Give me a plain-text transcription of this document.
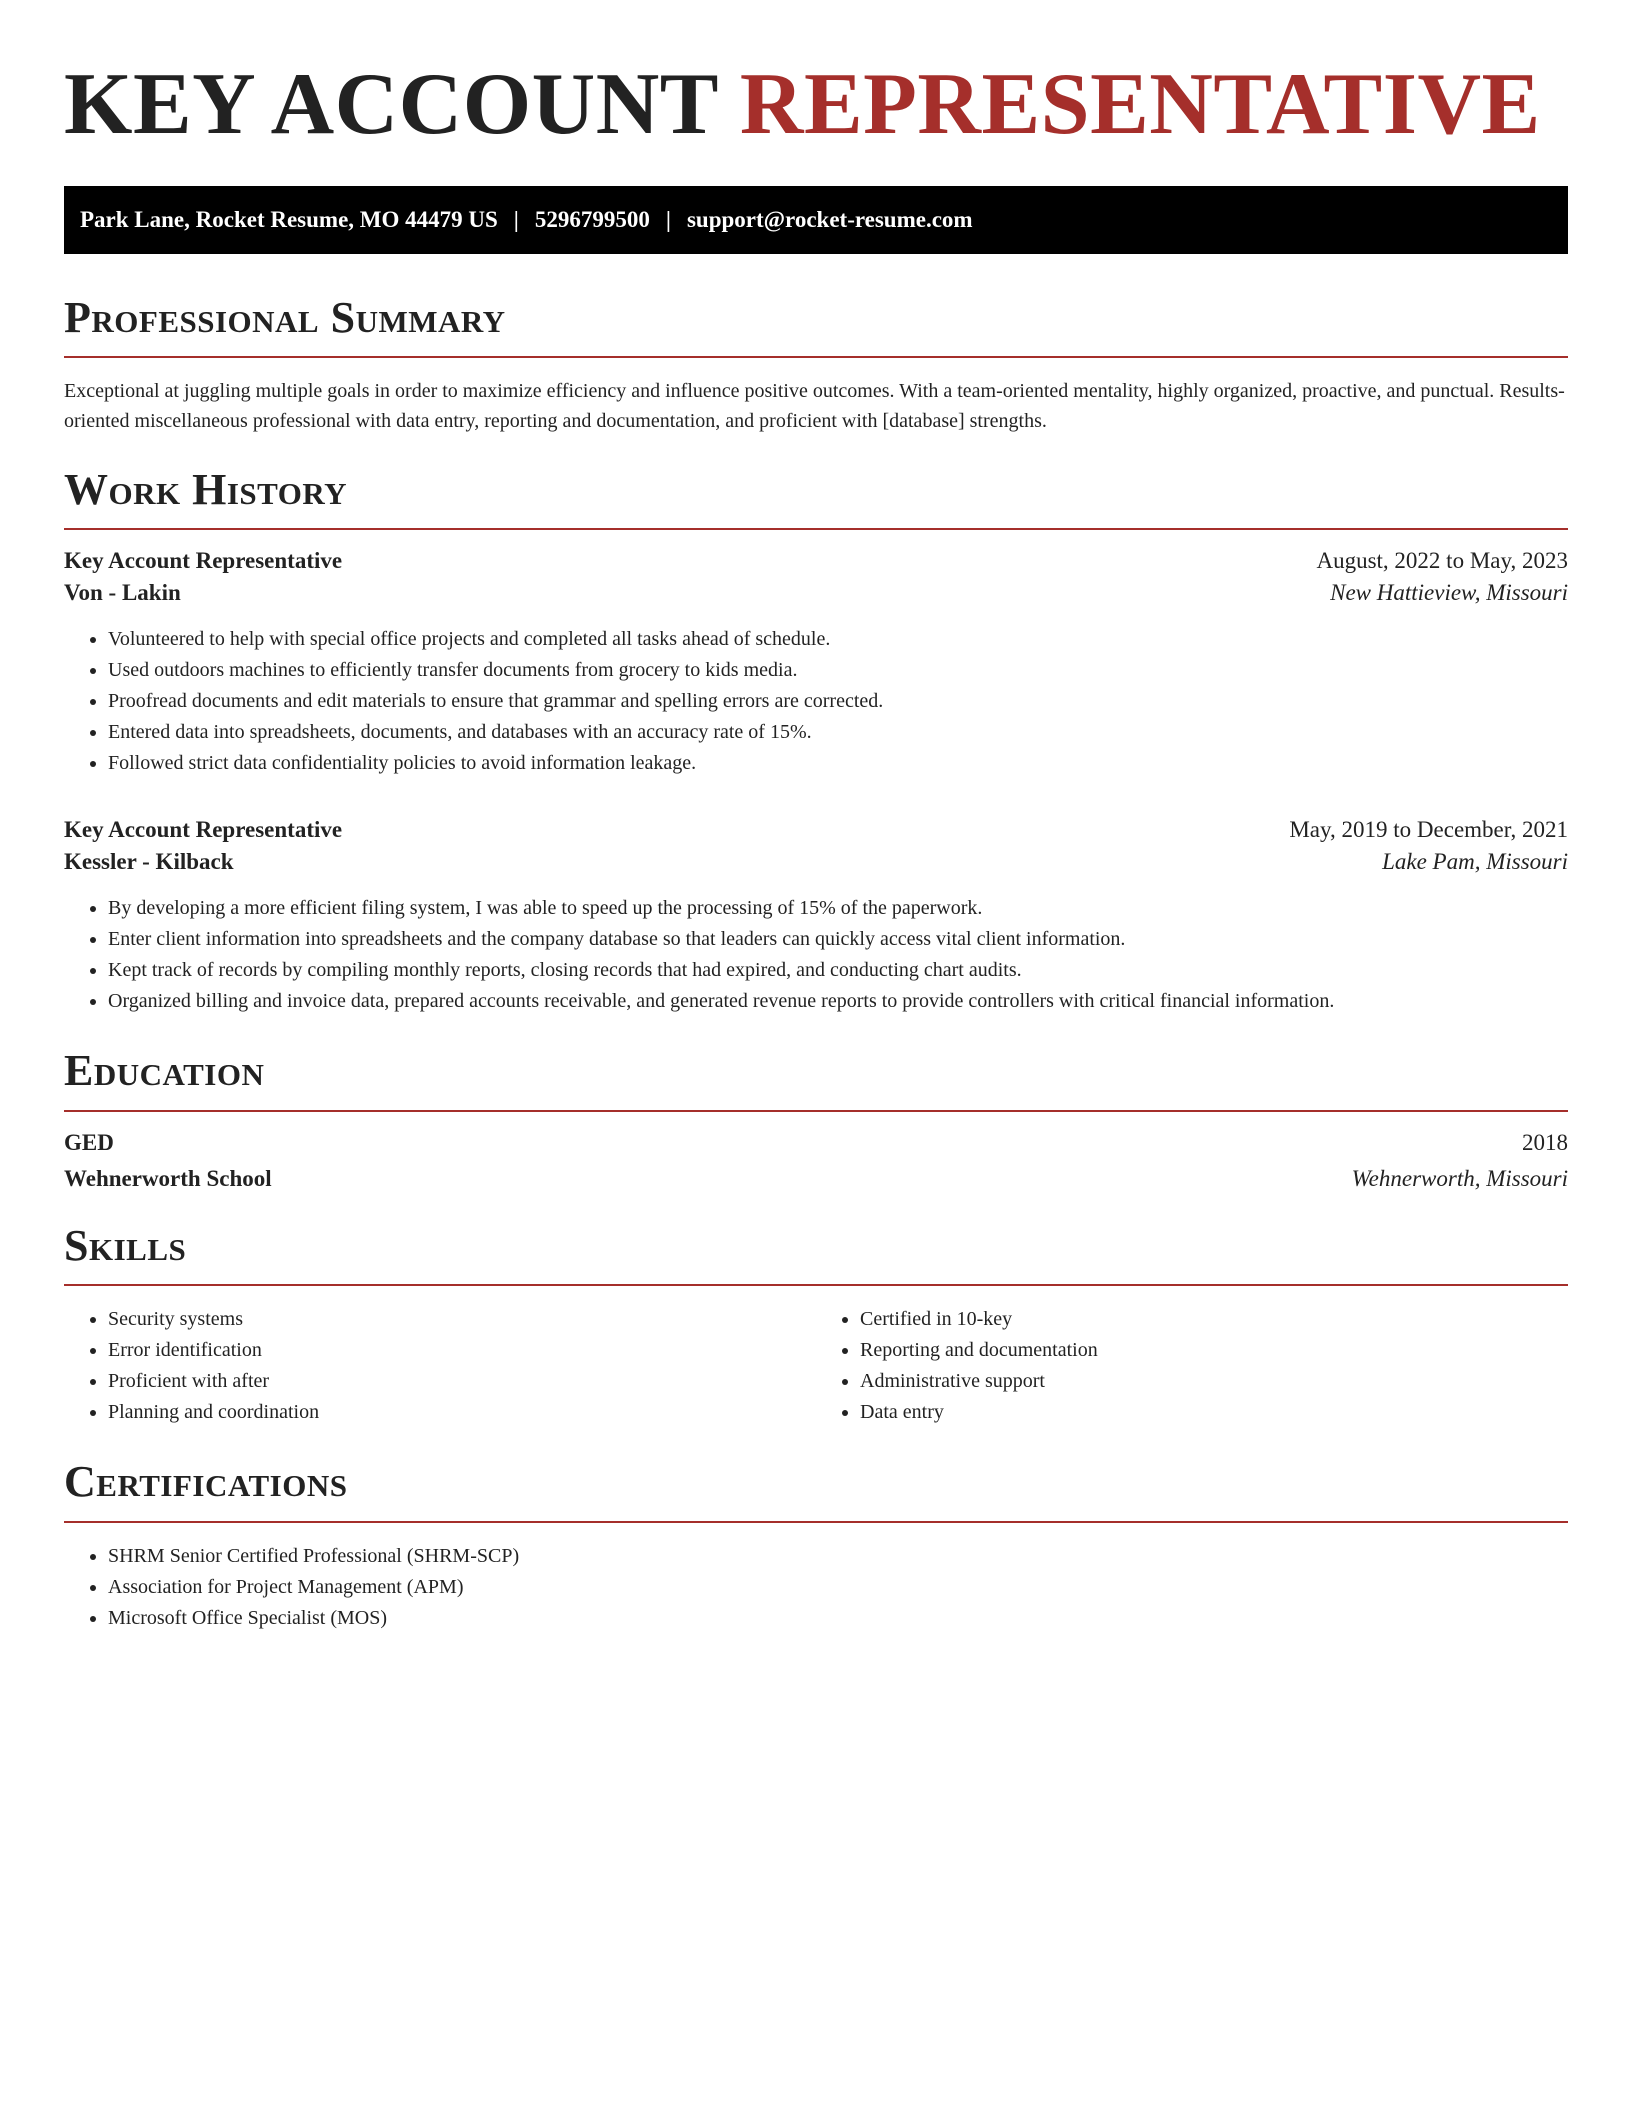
KEY ACCOUNT REPRESENTATIVE
Park Lane, Rocket Resume, MO 44479 US | 5296799500 | support@rocket-resume.com
Professional Summary

Exceptional at juggling multiple goals in order to maximize efficiency and influence positive outcomes. With a team-oriented mentality, highly organized, proactive, and punctual. Results-oriented miscellaneous professional with data entry, reporting and documentation, and proficient with [database] strengths.

Work History
Key Account Representative	August, 2022 to May, 2023
Von - Lakin	New Hattieview, Missouri
• Volunteered to help with special office projects and completed all tasks ahead of schedule.
• Used outdoors machines to efficiently transfer documents from grocery to kids media.
• Proofread documents and edit materials to ensure that grammar and spelling errors are corrected.
• Entered data into spreadsheets, documents, and databases with an accuracy rate of 15%.
• Followed strict data confidentiality policies to avoid information leakage.
Key Account Representative	May, 2019 to December, 2021
Kessler - Kilback	Lake Pam, Missouri
• By developing a more efficient filing system, I was able to speed up the processing of 15% of the paperwork.
• Enter client information into spreadsheets and the company database so that leaders can quickly access vital client information.
• Kept track of records by compiling monthly reports, closing records that had expired, and conducting chart audits.
• Organized billing and invoice data, prepared accounts receivable, and generated revenue reports to provide controllers with critical financial information.
Education
GED	2018
Wehnerworth School	Wehnerworth, Missouri
Skills
• Security systems
• Error identification
• Proficient with after
• Planning and coordination
• Certified in 10-key
• Reporting and documentation
• Administrative support
• Data entry
Certifications
• SHRM Senior Certified Professional (SHRM-SCP)
• Association for Project Management (APM)
• Microsoft Office Specialist (MOS)
